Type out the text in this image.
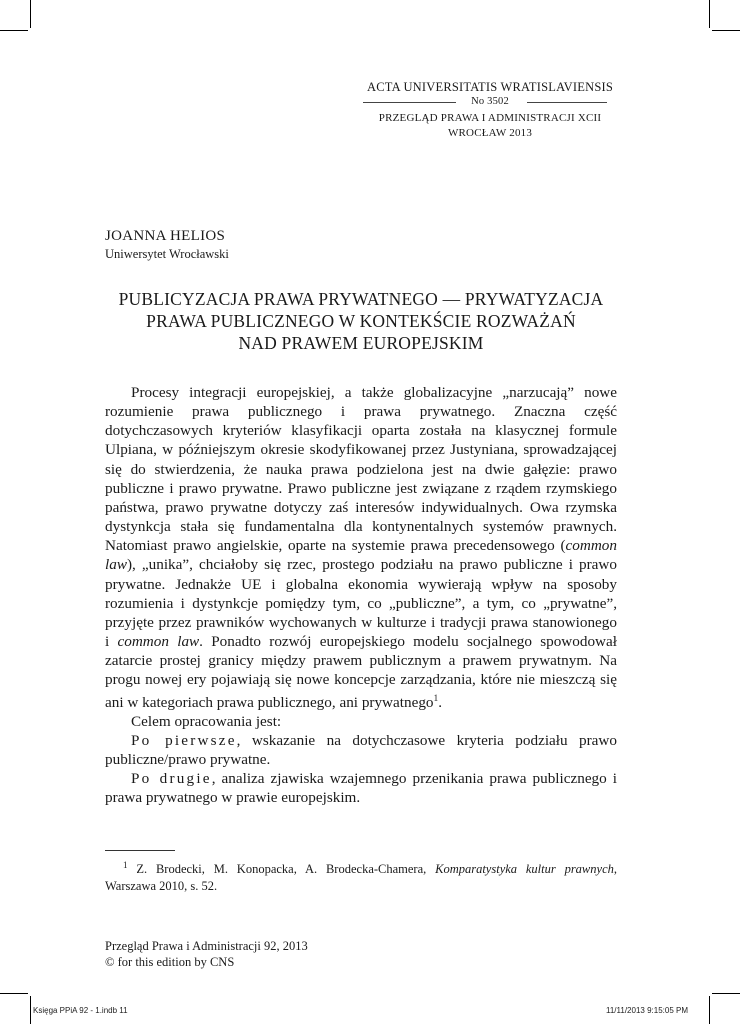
ACTA UNIVERSITATIS WRATISLAVIENSIS
No 3502
PRZEGLĄD PRAWA I ADMINISTRACJI XCII
WROCŁAW 2013
JOANNA HELIOS
Uniwersytet Wrocławski
PUBLICYZACJA PRAWA PRYWATNEGO — PRYWATYZACJA
PRAWA PUBLICZNEGO W KONTEKŚCIE ROZWAŻAŃ
NAD PRAWEM EUROPEJSKIM

Procesy integracji europejskiej, a także globalizacyjne „narzucają” nowe rozumienie prawa publicznego i prawa prywatnego. Znaczna część dotychczasowych kryteriów klasyfikacji oparta została na klasycznej formule Ulpiana, w późniejszym okresie skodyfikowanej przez Justyniana, sprowadzającej się do stwierdzenia, że nauka prawa podzielona jest na dwie gałęzie: prawo publiczne i prawo prywatne. Prawo publiczne jest związane z rządem rzymskiego państwa, prawo prywatne dotyczy zaś interesów indywidualnych. Owa rzymska dystynkcja stała się fundamentalna dla kontynentalnych systemów prawnych. Natomiast prawo angielskie, oparte na systemie prawa precedensowego (common law), „unika”, chciałoby się rzec, prostego podziału na prawo publiczne i prawo prywatne. Jednakże UE i globalna ekonomia wywierają wpływ na sposoby rozumienia i dystynkcje pomiędzy tym, co „publiczne”, a tym, co „prywatne”, przyjęte przez prawników wychowanych w kulturze i tradycji prawa stanowionego i common law. Ponadto rozwój europejskiego modelu socjalnego spowodował zatarcie prostej granicy między prawem publicznym a prawem prywatnym. Na progu nowej ery pojawiają się nowe koncepcje zarządzania, które nie mieszczą się ani w kategoriach prawa publicznego, ani prywatnego$^1$.

Celem opracowania jest:

Po pierwsze, wskazanie na dotychczasowe kryteria podziału prawo publiczne/prawo prywatne.

Po drugie, analiza zjawiska wzajemnego przenikania prawa publicznego i prawa prywatnego w prawie europejskim.

$^1$ Z. Brodecki, M. Konopacka, A. Brodecka-Chamera, Komparatystyka kultur prawnych, Warszawa 2010, s. 52.
Przegląd Prawa i Administracji 92, 2013
© for this edition by CNS
Księga PPiA 92 - 1.indb 11	11/11/2013 9:15:05 PM
